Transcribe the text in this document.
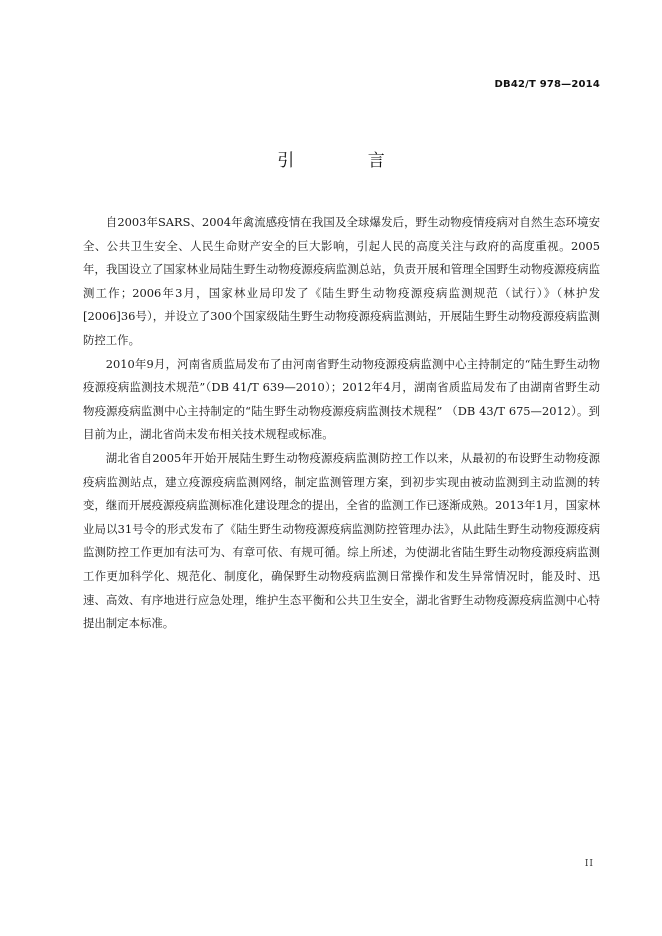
DB42/T 978—2014
引 言

自2003年SARS、2004年禽流感疫情在我国及全球爆发后，野生动物疫情疫病对自然生态环境安全、公共卫生安全、人民生命财产安全的巨大影响，引起人民的高度关注与政府的高度重视。2005年，我国设立了国家林业局陆生野生动物疫源疫病监测总站，负责开展和管理全国野生动物疫源疫病监测工作；2006年3月，国家林业局印发了《陆生野生动物疫源疫病监测规范（试行）》（林护发[2006]36号），并设立了300个国家级陆生野生动物疫源疫病监测站，开展陆生野生动物疫源疫病监测防控工作。

2010年9月，河南省质监局发布了由河南省野生动物疫源疫病监测中心主持制定的“陆生野生动物疫源疫病监测技术规范”（DB 41/T 639—2010）；2012年4月，湖南省质监局发布了由湖南省野生动物疫源疫病监测中心主持制定的“陆生野生动物疫源疫病监测技术规程” （DB 43/T 675—2012）。到目前为止，湖北省尚未发布相关技术规程或标准。

湖北省自2005年开始开展陆生野生动物疫源疫病监测防控工作以来，从最初的布设野生动物疫源疫病监测站点，建立疫源疫病监测网络，制定监测管理方案，到初步实现由被动监测到主动监测的转变，继而开展疫源疫病监测标准化建设理念的提出，全省的监测工作已逐渐成熟。2013年1月，国家林业局以31号令的形式发布了《陆生野生动物疫源疫病监测防控管理办法》，从此陆生野生动物疫源疫病监测防控工作更加有法可为、有章可依、有规可循。综上所述，为使湖北省陆生野生动物疫源疫病监测工作更加科学化、规范化、制度化，确保野生动物疫病监测日常操作和发生异常情况时，能及时、迅速、高效、有序地进行应急处理，维护生态平衡和公共卫生安全，湖北省野生动物疫源疫病监测中心特提出制定本标准。

II
